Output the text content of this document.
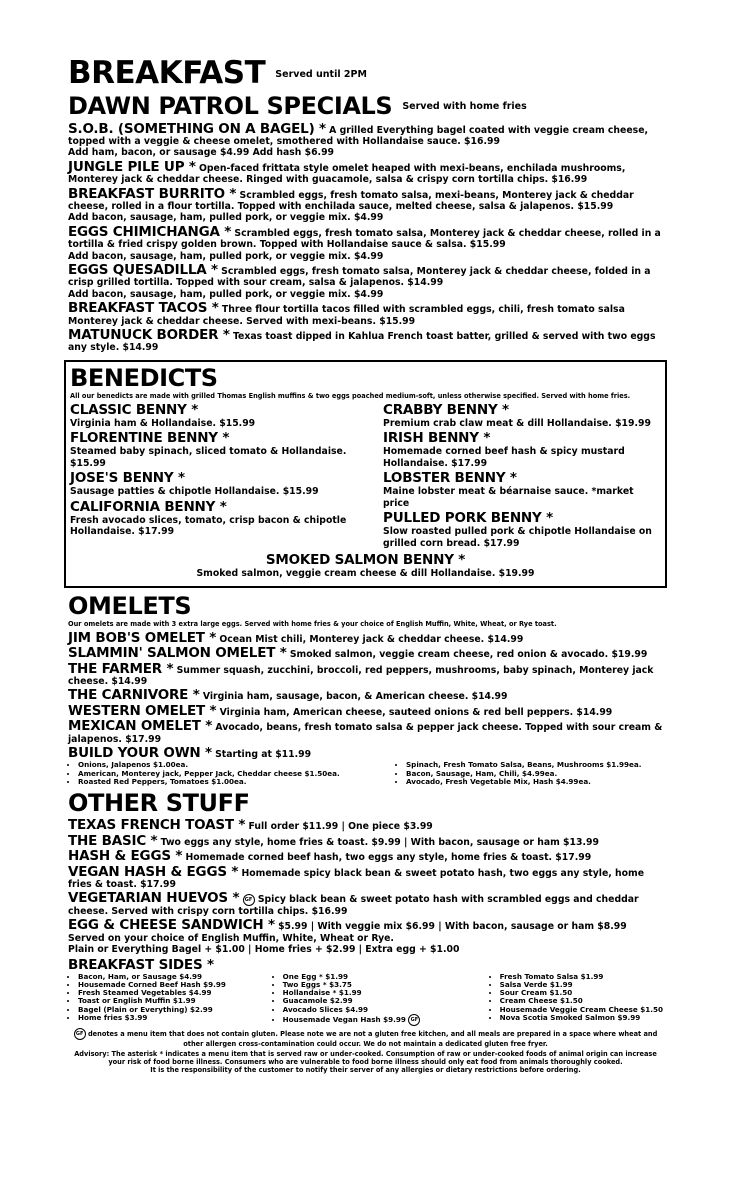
BREAKFAST Served until 2PM
DAWN PATROL SPECIALS Served with home fries
S.O.B. (SOMETHING ON A BAGEL) * A grilled Everything bagel coated with veggie cream cheese, topped with a veggie & cheese omelet, smothered with Hollandaise sauce. $16.99
Add ham, bacon, or sausage $4.99 Add hash $6.99
JUNGLE PILE UP * Open-faced frittata style omelet heaped with mexi-beans, enchilada mushrooms, Monterey jack & cheddar cheese. Ringed with guacamole, salsa & crispy corn tortilla chips. $16.99
BREAKFAST BURRITO * Scrambled eggs, fresh tomato salsa, mexi-beans, Monterey jack & cheddar cheese, rolled in a flour tortilla. Topped with enchilada sauce, melted cheese, salsa & jalapenos. $15.99
Add bacon, sausage, ham, pulled pork, or veggie mix. $4.99
EGGS CHIMICHANGA * Scrambled eggs, fresh tomato salsa, Monterey jack & cheddar cheese, rolled in a tortilla & fried crispy golden brown. Topped with Hollandaise sauce & salsa. $15.99
Add bacon, sausage, ham, pulled pork, or veggie mix. $4.99
EGGS QUESADILLA * Scrambled eggs, fresh tomato salsa, Monterey jack & cheddar cheese, folded in a crisp grilled tortilla. Topped with sour cream, salsa & jalapenos. $14.99
Add bacon, sausage, ham, pulled pork, or veggie mix. $4.99
BREAKFAST TACOS * Three flour tortilla tacos filled with scrambled eggs, chili, fresh tomato salsa Monterey jack & cheddar cheese. Served with mexi-beans. $15.99
MATUNUCK BORDER * Texas toast dipped in Kahlua French toast batter, grilled & served with two eggs any style. $14.99
BENEDICTS
All our benedicts are made with grilled Thomas English muffins & two eggs poached medium-soft, unless otherwise specified. Served with home fries.
CLASSIC BENNY *
Virginia ham & Hollandaise. $15.99
FLORENTINE BENNY *
Steamed baby spinach, sliced tomato & Hollandaise. $15.99
JOSE'S BENNY *
Sausage patties & chipotle Hollandaise. $15.99
CALIFORNIA BENNY *
Fresh avocado slices, tomato, crisp bacon & chipotle Hollandaise. $17.99
CRABBY BENNY *
Premium crab claw meat & dill Hollandaise. $19.99
IRISH BENNY *
Homemade corned beef hash & spicy mustard Hollandaise. $17.99
LOBSTER BENNY *
Maine lobster meat & béarnaise sauce. *market price
PULLED PORK BENNY *
Slow roasted pulled pork & chipotle Hollandaise on grilled corn bread. $17.99
SMOKED SALMON BENNY *
Smoked salmon, veggie cream cheese & dill Hollandaise. $19.99
OMELETS
Our omelets are made with 3 extra large eggs. Served with home fries & your choice of English Muffin, White, Wheat, or Rye toast.
JIM BOB'S OMELET * Ocean Mist chili, Monterey jack & cheddar cheese. $14.99
SLAMMIN' SALMON OMELET * Smoked salmon, veggie cream cheese, red onion & avocado. $19.99
THE FARMER * Summer squash, zucchini, broccoli, red peppers, mushrooms, baby spinach, Monterey jack cheese. $14.99
THE CARNIVORE * Virginia ham, sausage, bacon, & American cheese. $14.99
WESTERN OMELET * Virginia ham, American cheese, sauteed onions & red bell peppers. $14.99
MEXICAN OMELET * Avocado, beans, fresh tomato salsa & pepper jack cheese. Topped with sour cream & jalapenos. $17.99
BUILD YOUR OWN * Starting at $11.99
• Onions, Jalapenos $1.00ea.
• American, Monterey jack, Pepper Jack, Cheddar cheese $1.50ea.
• Roasted Red Peppers, Tomatoes $1.00ea.
• Spinach, Fresh Tomato Salsa, Beans, Mushrooms $1.99ea.
• Bacon, Sausage, Ham, Chili, $4.99ea.
• Avocado, Fresh Vegetable Mix, Hash $4.99ea.
OTHER STUFF
TEXAS FRENCH TOAST * Full order $11.99 | One piece $3.99
THE BASIC * Two eggs any style, home fries & toast. $9.99 | With bacon, sausage or ham $13.99
HASH & EGGS * Homemade corned beef hash, two eggs any style, home fries & toast. $17.99
VEGAN HASH & EGGS * Homemade spicy black bean & sweet potato hash, two eggs any style, home fries & toast. $17.99
VEGETARIAN HUEVOS * GF Spicy black bean & sweet potato hash with scrambled eggs and cheddar cheese. Served with crispy corn tortilla chips. $16.99
EGG & CHEESE SANDWICH * $5.99 | With veggie mix $6.99 | With bacon, sausage or ham $8.99
Served on your choice of English Muffin, White, Wheat or Rye.
Plain or Everything Bagel + $1.00 | Home fries + $2.99 | Extra egg + $1.00
BREAKFAST SIDES *
• Bacon, Ham, or Sausage $4.99
• Housemade Corned Beef Hash $9.99
• Fresh Steamed Vegetables $4.99
• Toast or English Muffin $1.99
• Bagel (Plain or Everything) $2.99
• Home fries $3.99
• One Egg * $1.99
• Two Eggs * $3.75
• Hollandaise * $1.99
• Guacamole $2.99
• Avocado Slices $4.99
• Housemade Vegan Hash $9.99 GF
• Fresh Tomato Salsa $1.99
• Salsa Verde $1.99
• Sour Cream $1.50
• Cream Cheese $1.50
• Housemade Veggie Cream Cheese $1.50
• Nova Scotia Smoked Salmon $9.99
GF denotes a menu item that does not contain gluten. Please note we are not a gluten free kitchen, and all meals are prepared in a space where wheat and other allergen cross-contamination could occur. We do not maintain a dedicated gluten free fryer.
Advisory: The asterisk * indicates a menu item that is served raw or under-cooked. Consumption of raw or under-cooked foods of animal origin can increase your risk of food borne illness. Consumers who are vulnerable to food borne illness should only eat food from animals thoroughly cooked.
It is the responsibility of the customer to notify their server of any allergies or dietary restrictions before ordering.
